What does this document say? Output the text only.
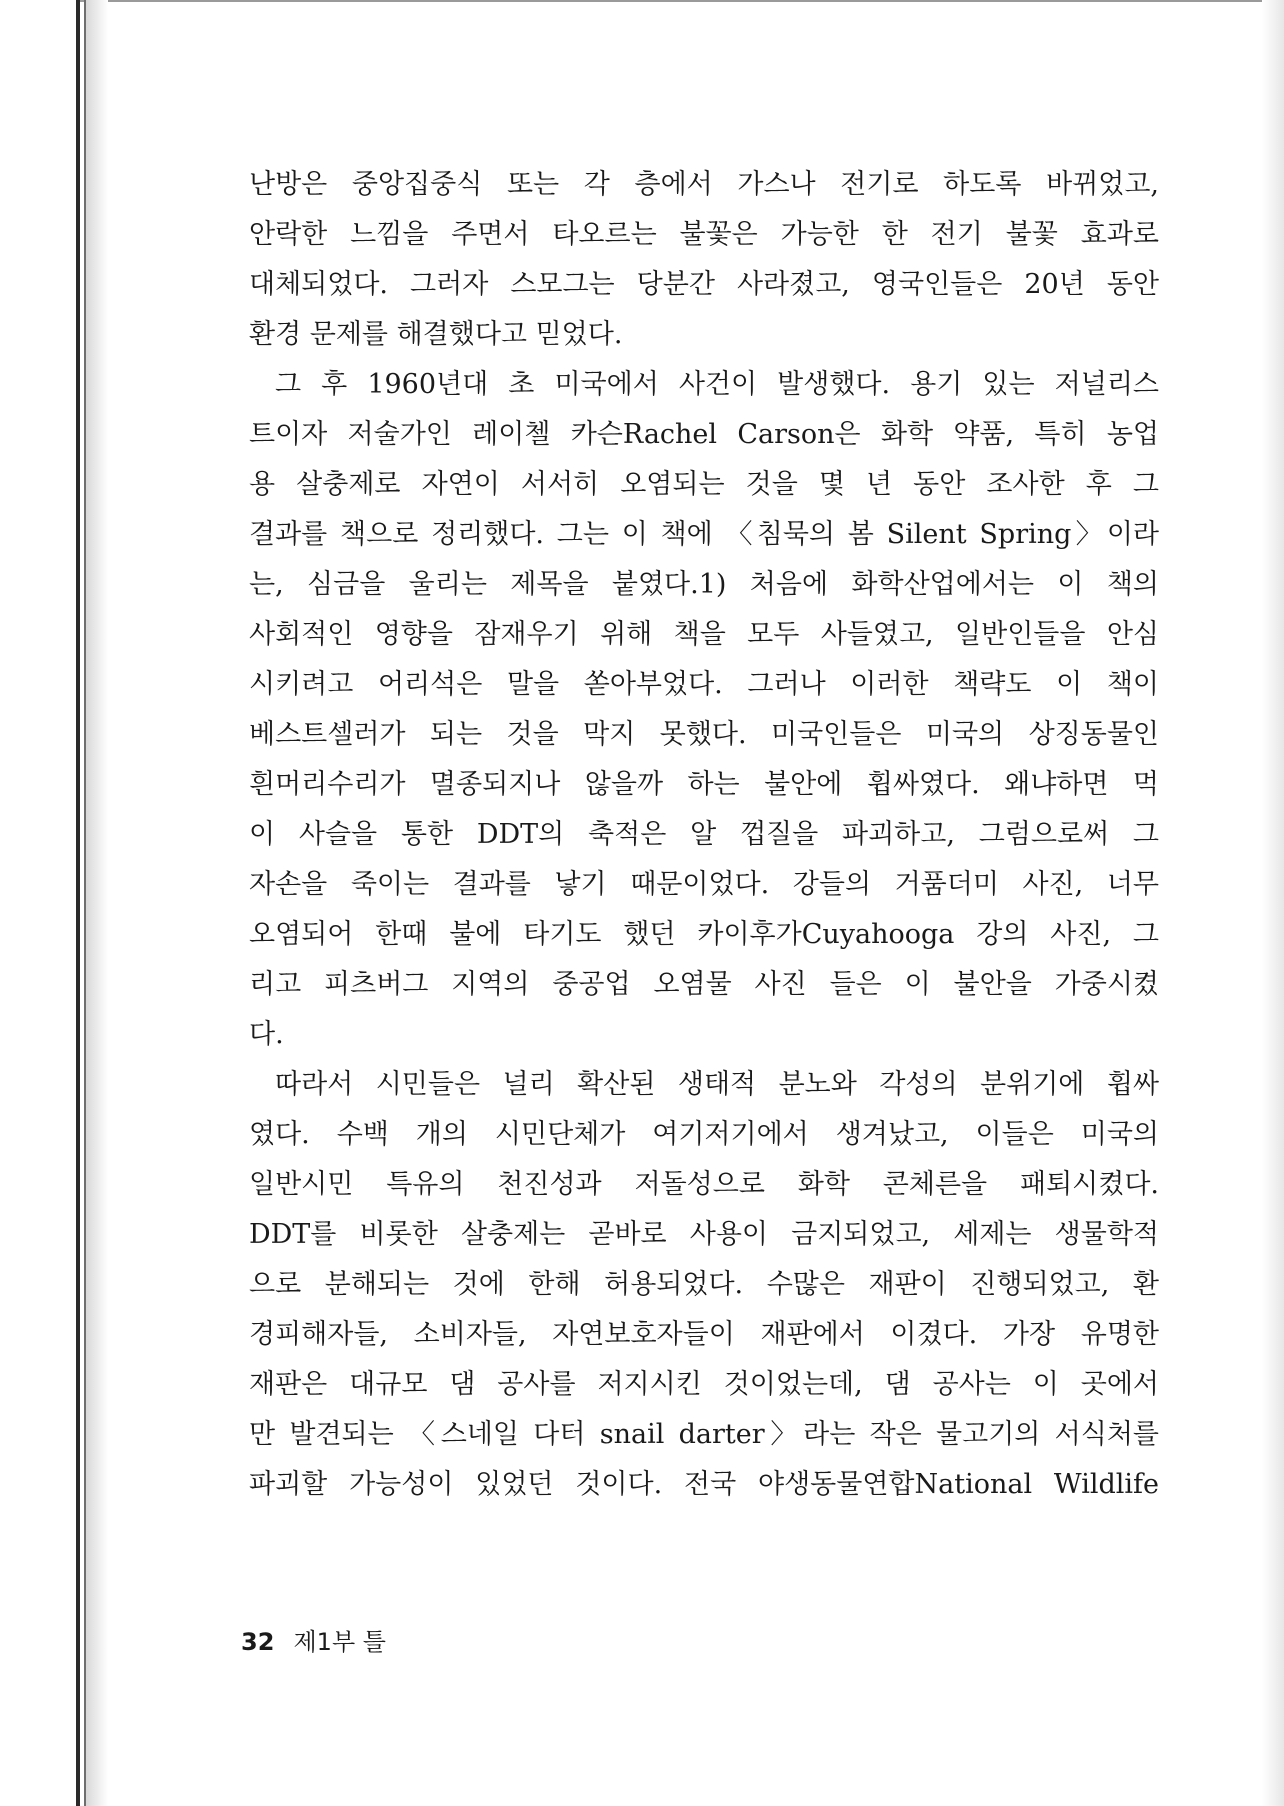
난방은 중앙집중식 또는 각 층에서 가스나 전기로 하도록 바뀌었고,
안락한 느낌을 주면서 타오르는 불꽃은 가능한 한 전기 불꽃 효과로
대체되었다. 그러자 스모그는 당분간 사라졌고, 영국인들은 20년 동안
환경 문제를 해결했다고 믿었다.
그 후 1960년대 초 미국에서 사건이 발생했다. 용기 있는 저널리스
트이자 저술가인 레이첼 카슨Rachel Carson은 화학 약품, 특히 농업
용 살충제로 자연이 서서히 오염되는 것을 몇 년 동안 조사한 후 그
결과를 책으로 정리했다. 그는 이 책에 〈침묵의 봄 Silent Spring〉이라
는, 심금을 울리는 제목을 붙였다.1) 처음에 화학산업에서는 이 책의
사회적인 영향을 잠재우기 위해 책을 모두 사들였고, 일반인들을 안심
시키려고 어리석은 말을 쏟아부었다. 그러나 이러한 책략도 이 책이
베스트셀러가 되는 것을 막지 못했다. 미국인들은 미국의 상징동물인
흰머리수리가 멸종되지나 않을까 하는 불안에 휩싸였다. 왜냐하면 먹
이 사슬을 통한 DDT의 축적은 알 껍질을 파괴하고, 그럼으로써 그
자손을 죽이는 결과를 낳기 때문이었다. 강들의 거품더미 사진, 너무
오염되어 한때 불에 타기도 했던 카이후가Cuyahooga 강의 사진, 그
리고 피츠버그 지역의 중공업 오염물 사진 들은 이 불안을 가중시켰
다.
따라서 시민들은 널리 확산된 생태적 분노와 각성의 분위기에 휩싸
였다. 수백 개의 시민단체가 여기저기에서 생겨났고, 이들은 미국의
일반시민 특유의 천진성과 저돌성으로 화학 콘체른을 패퇴시켰다.
DDT를 비롯한 살충제는 곧바로 사용이 금지되었고, 세제는 생물학적
으로 분해되는 것에 한해 허용되었다. 수많은 재판이 진행되었고, 환
경피해자들, 소비자들, 자연보호자들이 재판에서 이겼다. 가장 유명한
재판은 대규모 댐 공사를 저지시킨 것이었는데, 댐 공사는 이 곳에서
만 발견되는 〈스네일 다터 snail darter〉라는 작은 물고기의 서식처를
파괴할 가능성이 있었던 것이다. 전국 야생동물연합National Wildlife
32 제1부 틀
